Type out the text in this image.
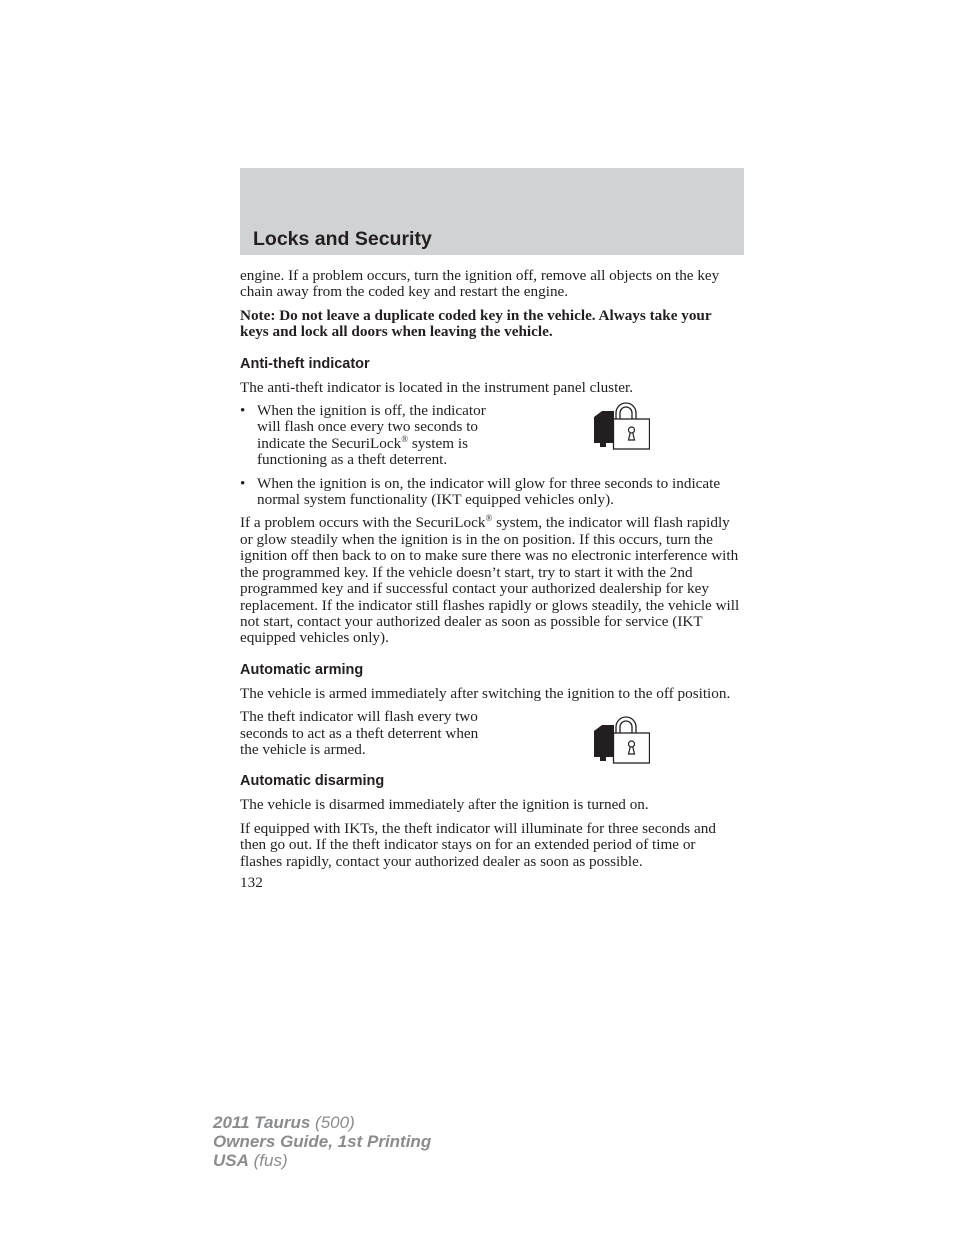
Locks and Security

engine. If a problem occurs, turn the ignition off, remove all objects on the key chain away from the coded key and restart the engine.

Note: Do not leave a duplicate coded key in the vehicle. Always take your keys and lock all doors when leaving the vehicle.

Anti-theft indicator

The anti-theft indicator is located in the instrument panel cluster.

• When the ignition is off, the indicator will flash once every two seconds to indicate the SecuriLock® system is functioning as a theft deterrent.
• When the ignition is on, the indicator will glow for three seconds to indicate normal system functionality (IKT equipped vehicles only).

If a problem occurs with the SecuriLock® system, the indicator will flash rapidly or glow steadily when the ignition is in the on position. If this occurs, turn the ignition off then back to on to make sure there was no electronic interference with the programmed key. If the vehicle doesn’t start, try to start it with the 2nd programmed key and if successful contact your authorized dealership for key replacement. If the indicator still flashes rapidly or glows steadily, the vehicle will not start, contact your authorized dealer as soon as possible for service (IKT equipped vehicles only).

Automatic arming

The vehicle is armed immediately after switching the ignition to the off position.

The theft indicator will flash every two seconds to act as a theft deterrent when the vehicle is armed.

Automatic disarming

The vehicle is disarmed immediately after the ignition is turned on.

If equipped with IKTs, the theft indicator will illuminate for three seconds and then go out. If the theft indicator stays on for an extended period of time or flashes rapidly, contact your authorized dealer as soon as possible.

132
2011 Taurus (500)
Owners Guide, 1st Printing
USA (fus)
